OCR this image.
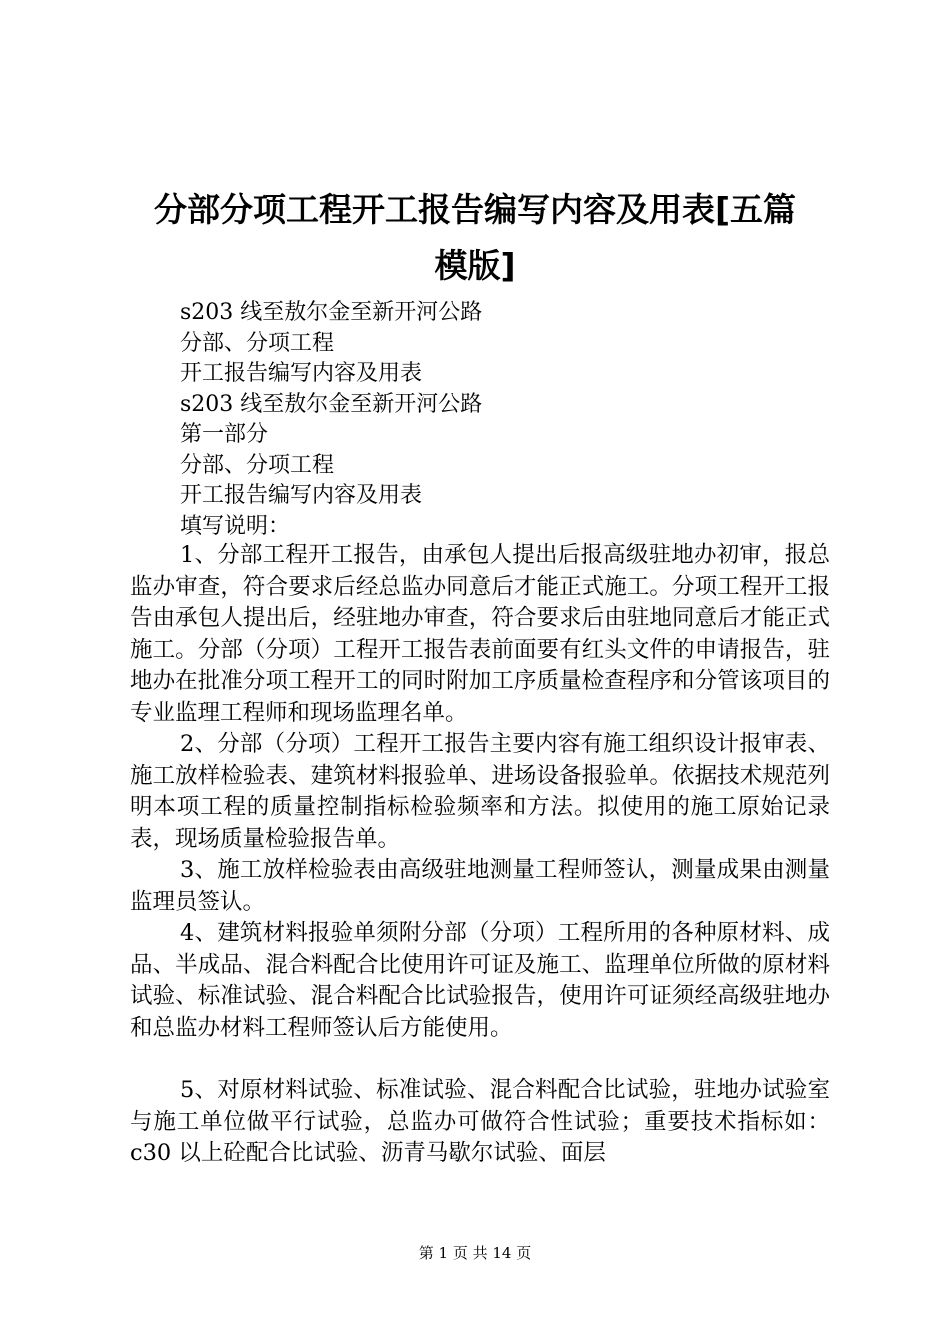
分部分项工程开工报告编写内容及用表[五篇
模版]
s203 线至敖尔金至新开河公路
分部、分项工程
开工报告编写内容及用表
s203 线至敖尔金至新开河公路
第一部分
分部、分项工程
开工报告编写内容及用表
填写说明：

1、分部工程开工报告，由承包人提出后报高级驻地办初审，报总监办审查，符合要求后经总监办同意后才能正式施工。分项工程开工报告由承包人提出后，经驻地办审查，符合要求后由驻地同意后才能正式施工。分部（分项）工程开工报告表前面要有红头文件的申请报告，驻地办在批准分项工程开工的同时附加工序质量检查程序和分管该项目的专业监理工程师和现场监理名单。

2、分部（分项）工程开工报告主要内容有施工组织设计报审表、施工放样检验表、建筑材料报验单、进场设备报验单。依据技术规范列明本项工程的质量控制指标检验频率和方法。拟使用的施工原始记录表，现场质量检验报告单。

3、施工放样检验表由高级驻地测量工程师签认，测量成果由测量监理员签认。

4、建筑材料报验单须附分部（分项）工程所用的各种原材料、成品、半成品、混合料配合比使用许可证及施工、监理单位所做的原材料试验、标准试验、混合料配合比试验报告，使用许可证须经高级驻地办和总监办材料工程师签认后方能使用。

5、对原材料试验、标准试验、混合料配合比试验，驻地办试验室与施工单位做平行试验，总监办可做符合性试验；重要技术指标如：c30 以上砼配合比试验、沥青马歇尔试验、面层

第 1 页 共 14 页
